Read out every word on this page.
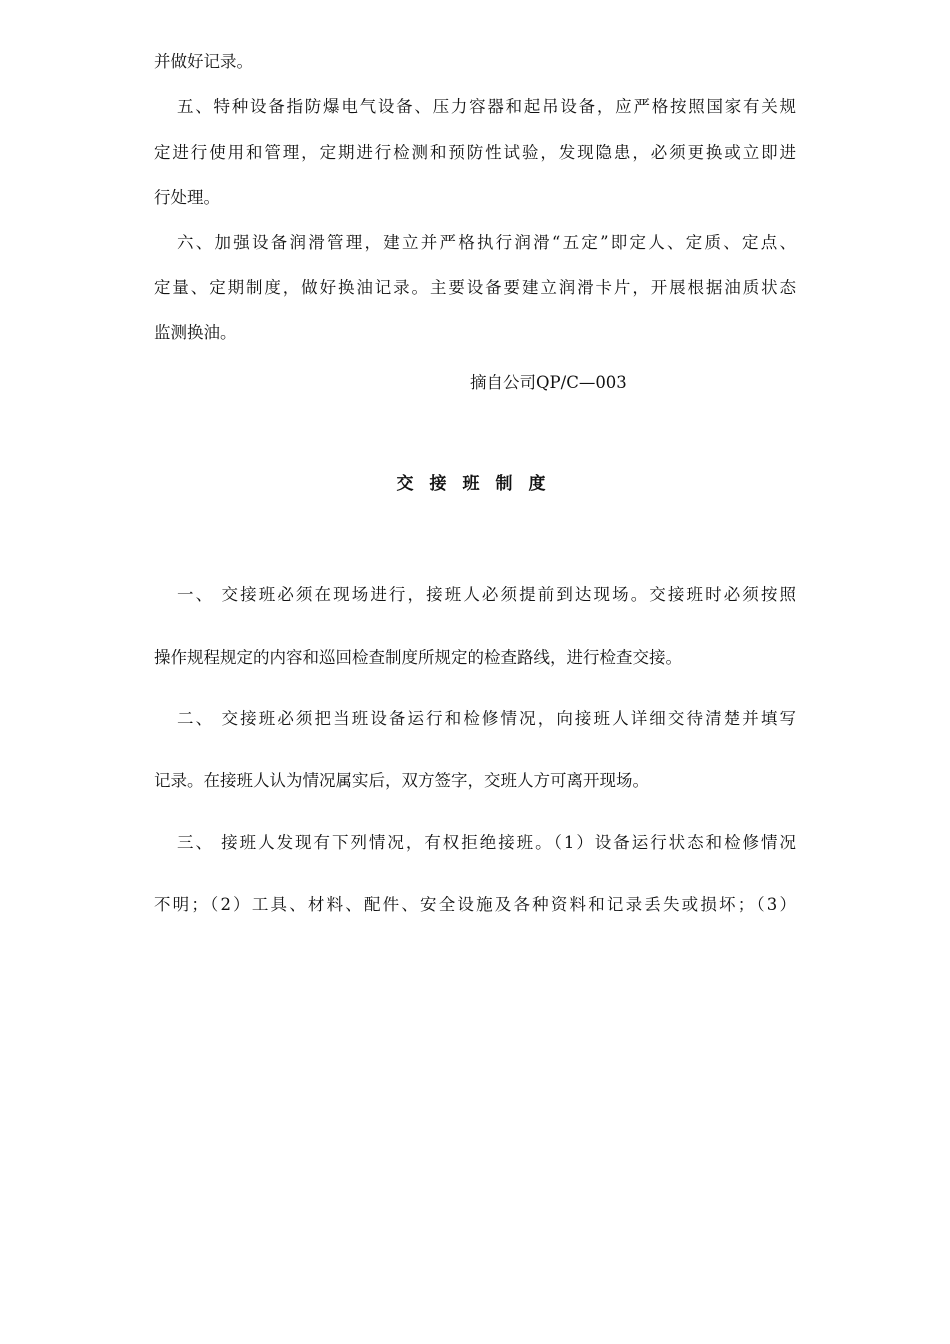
并做好记录。
五、特种设备指防爆电气设备、压力容器和起吊设备，应严格按照国家有关规
定进行使用和管理，定期进行检测和预防性试验，发现隐患，必须更换或立即进
行处理。
六、加强设备润滑管理，建立并严格执行润滑“五定”即定人、定质、定点、
定量、定期制度，做好换油记录。主要设备要建立润滑卡片，开展根据油质状态
监测换油。
摘自公司QP/C—003
交接班制度
一、 交接班必须在现场进行，接班人必须提前到达现场。交接班时必须按照
操作规程规定的内容和巡回检查制度所规定的检查路线，进行检查交接。
二、 交接班必须把当班设备运行和检修情况，向接班人详细交待清楚并填写
记录。在接班人认为情况属实后，双方签字，交班人方可离开现场。
三、 接班人发现有下列情况，有权拒绝接班。（1）设备运行状态和检修情况
不明；（2）工具、材料、配件、安全设施及各种资料和记录丢失或损坏；（3）
